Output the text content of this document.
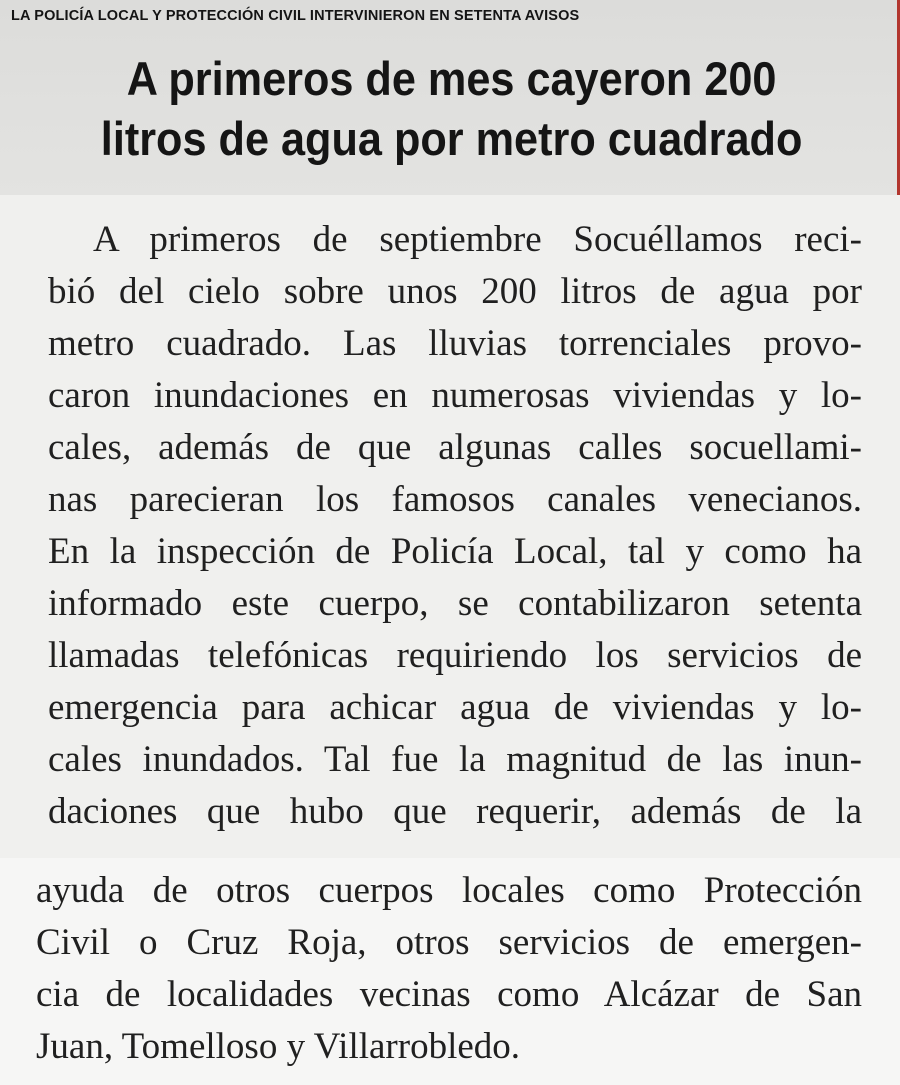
LA POLICÍA LOCAL Y PROTECCIÓN CIVIL INTERVINIERON EN SETENTA AVISOS
A primeros de mes cayeron 200
litros de agua por metro cuadrado
A primeros de septiembre Socuéllamos reci-
bió del cielo sobre unos 200 litros de agua por
metro cuadrado. Las lluvias torrenciales provo-
caron inundaciones en numerosas viviendas y lo-
cales, además de que algunas calles socuellami-
nas parecieran los famosos canales venecianos.
En la inspección de Policía Local, tal y como ha
informado este cuerpo, se contabilizaron setenta
llamadas telefónicas requiriendo los servicios de
emergencia para achicar agua de viviendas y lo-
cales inundados. Tal fue la magnitud de las inun-
daciones que hubo que requerir, además de la
ayuda de otros cuerpos locales como Protección
Civil o Cruz Roja, otros servicios de emergen-
cia de localidades vecinas como Alcázar de San
Juan, Tomelloso y Villarrobledo.
